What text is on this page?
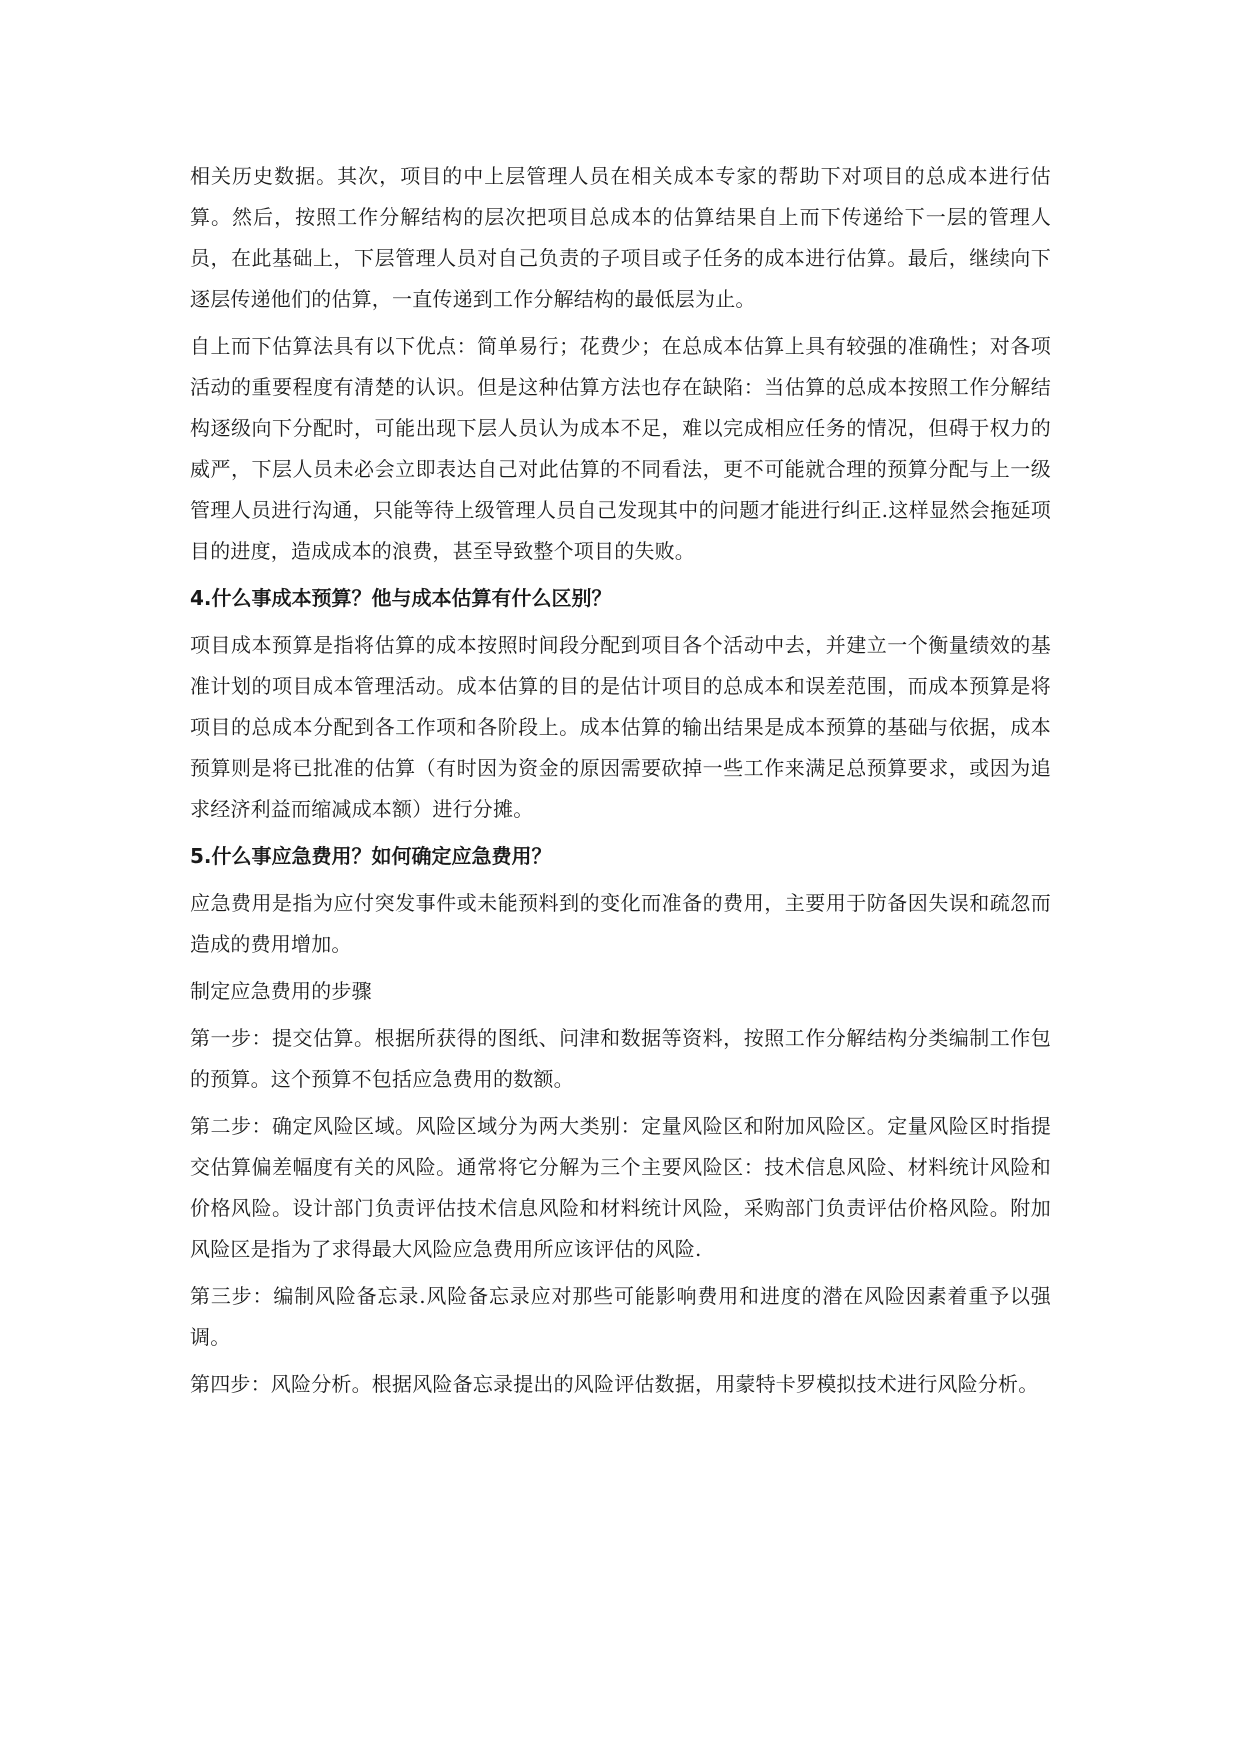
相关历史数据。其次，项目的中上层管理人员在相关成本专家的帮助下对项目的总成本进行估算。然后，按照工作分解结构的层次把项目总成本的估算结果自上而下传递给下一层的管理人员，在此基础上，下层管理人员对自己负责的子项目或子任务的成本进行估算。最后，继续向下逐层传递他们的估算，一直传递到工作分解结构的最低层为止。

自上而下估算法具有以下优点：简单易行；花费少；在总成本估算上具有较强的准确性；对各项活动的重要程度有清楚的认识。但是这种估算方法也存在缺陷：当估算的总成本按照工作分解结构逐级向下分配时，可能出现下层人员认为成本不足，难以完成相应任务的情况，但碍于权力的威严，下层人员未必会立即表达自己对此估算的不同看法，更不可能就合理的预算分配与上一级管理人员进行沟通，只能等待上级管理人员自己发现其中的问题才能进行纠正.这样显然会拖延项目的进度，造成成本的浪费，甚至导致整个项目的失败。

4.什么事成本预算？他与成本估算有什么区别？

项目成本预算是指将估算的成本按照时间段分配到项目各个活动中去，并建立一个衡量绩效的基准计划的项目成本管理活动。成本估算的目的是估计项目的总成本和误差范围，而成本预算是将项目的总成本分配到各工作项和各阶段上。成本估算的输出结果是成本预算的基础与依据，成本预算则是将已批准的估算（有时因为资金的原因需要砍掉一些工作来满足总预算要求，或因为追求经济利益而缩减成本额）进行分摊。

5.什么事应急费用？如何确定应急费用？

应急费用是指为应付突发事件或未能预料到的变化而准备的费用，主要用于防备因失误和疏忽而造成的费用增加。

制定应急费用的步骤

第一步：提交估算。根据所获得的图纸、问津和数据等资料，按照工作分解结构分类编制工作包的预算。这个预算不包括应急费用的数额。

第二步：确定风险区域。风险区域分为两大类别：定量风险区和附加风险区。定量风险区时指提交估算偏差幅度有关的风险。通常将它分解为三个主要风险区：技术信息风险、材料统计风险和价格风险。设计部门负责评估技术信息风险和材料统计风险，采购部门负责评估价格风险。附加风险区是指为了求得最大风险应急费用所应该评估的风险.

第三步：编制风险备忘录.风险备忘录应对那些可能影响费用和进度的潜在风险因素着重予以强调。

第四步：风险分析。根据风险备忘录提出的风险评估数据，用蒙特卡罗模拟技术进行风险分析。
